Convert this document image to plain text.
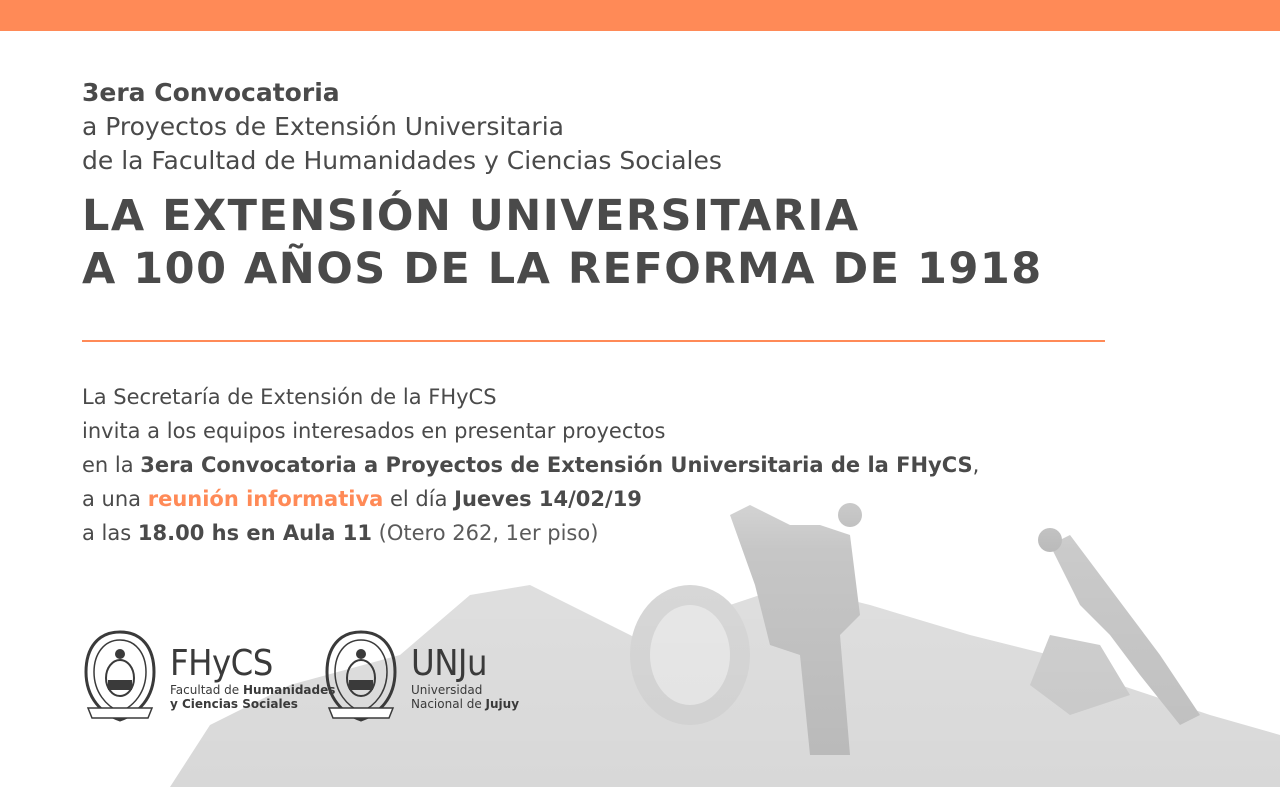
3era Convocatoria
a Proyectos de Extensión Universitaria
de la Facultad de Humanidades y Ciencias Sociales
LA EXTENSIÓN UNIVERSITARIA
A 100 AÑOS DE LA REFORMA DE 1918
La Secretaría de Extensión de la FHyCS
invita a los equipos interesados en presentar proyectos
en la 3era Convocatoria a Proyectos de Extensión Universitaria de la FHyCS,
a una reunión informativa el día Jueves 14/02/19
a las 18.00 hs en Aula 11 (Otero 262, 1er piso)
FHyCS
Facultad de Humanidades
y Ciencias Sociales
UNJu
Universidad
Nacional de Jujuy
